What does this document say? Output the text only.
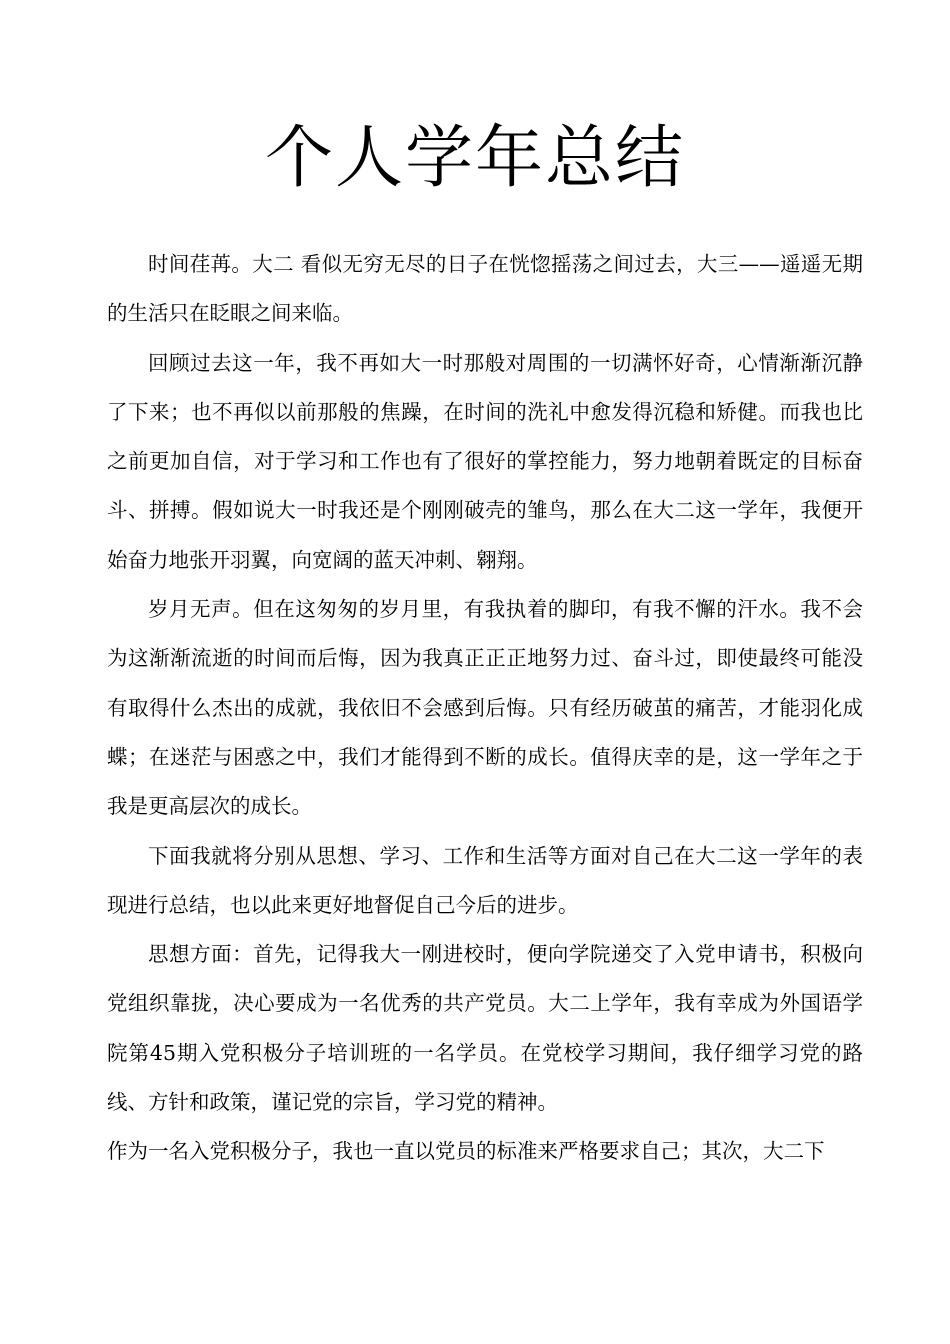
个人学年总结

时间荏苒。大二 看似无穷无尽的日子在恍惚摇荡之间过去，大三——遥遥无期的生活只在眨眼之间来临。

回顾过去这一年，我不再如大一时那般对周围的一切满怀好奇，心情渐渐沉静了下来；也不再似以前那般的焦躁，在时间的洗礼中愈发得沉稳和矫健。而我也比之前更加自信，对于学习和工作也有了很好的掌控能力，努力地朝着既定的目标奋斗、拼搏。假如说大一时我还是个刚刚破壳的雏鸟，那么在大二这一学年，我便开始奋力地张开羽翼，向宽阔的蓝天冲刺、翱翔。

岁月无声。但在这匆匆的岁月里，有我执着的脚印，有我不懈的汗水。我不会为这渐渐流逝的时间而后悔，因为我真正正正地努力过、奋斗过，即使最终可能没有取得什么杰出的成就，我依旧不会感到后悔。只有经历破茧的痛苦，才能羽化成蝶；在迷茫与困惑之中，我们才能得到不断的成长。值得庆幸的是，这一学年之于我是更高层次的成长。

下面我就将分别从思想、学习、工作和生活等方面对自己在大二这一学年的表现进行总结，也以此来更好地督促自己今后的进步。

思想方面：首先，记得我大一刚进校时，便向学院递交了入党申请书，积极向党组织靠拢，决心要成为一名优秀的共产党员。大二上学年，我有幸成为外国语学院第45期入党积极分子培训班的一名学员。在党校学习期间，我仔细学习党的路线、方针和政策，谨记党的宗旨，学习党的精神。

作为一名入党积极分子，我也一直以党员的标准来严格要求自己；其次，大二下
